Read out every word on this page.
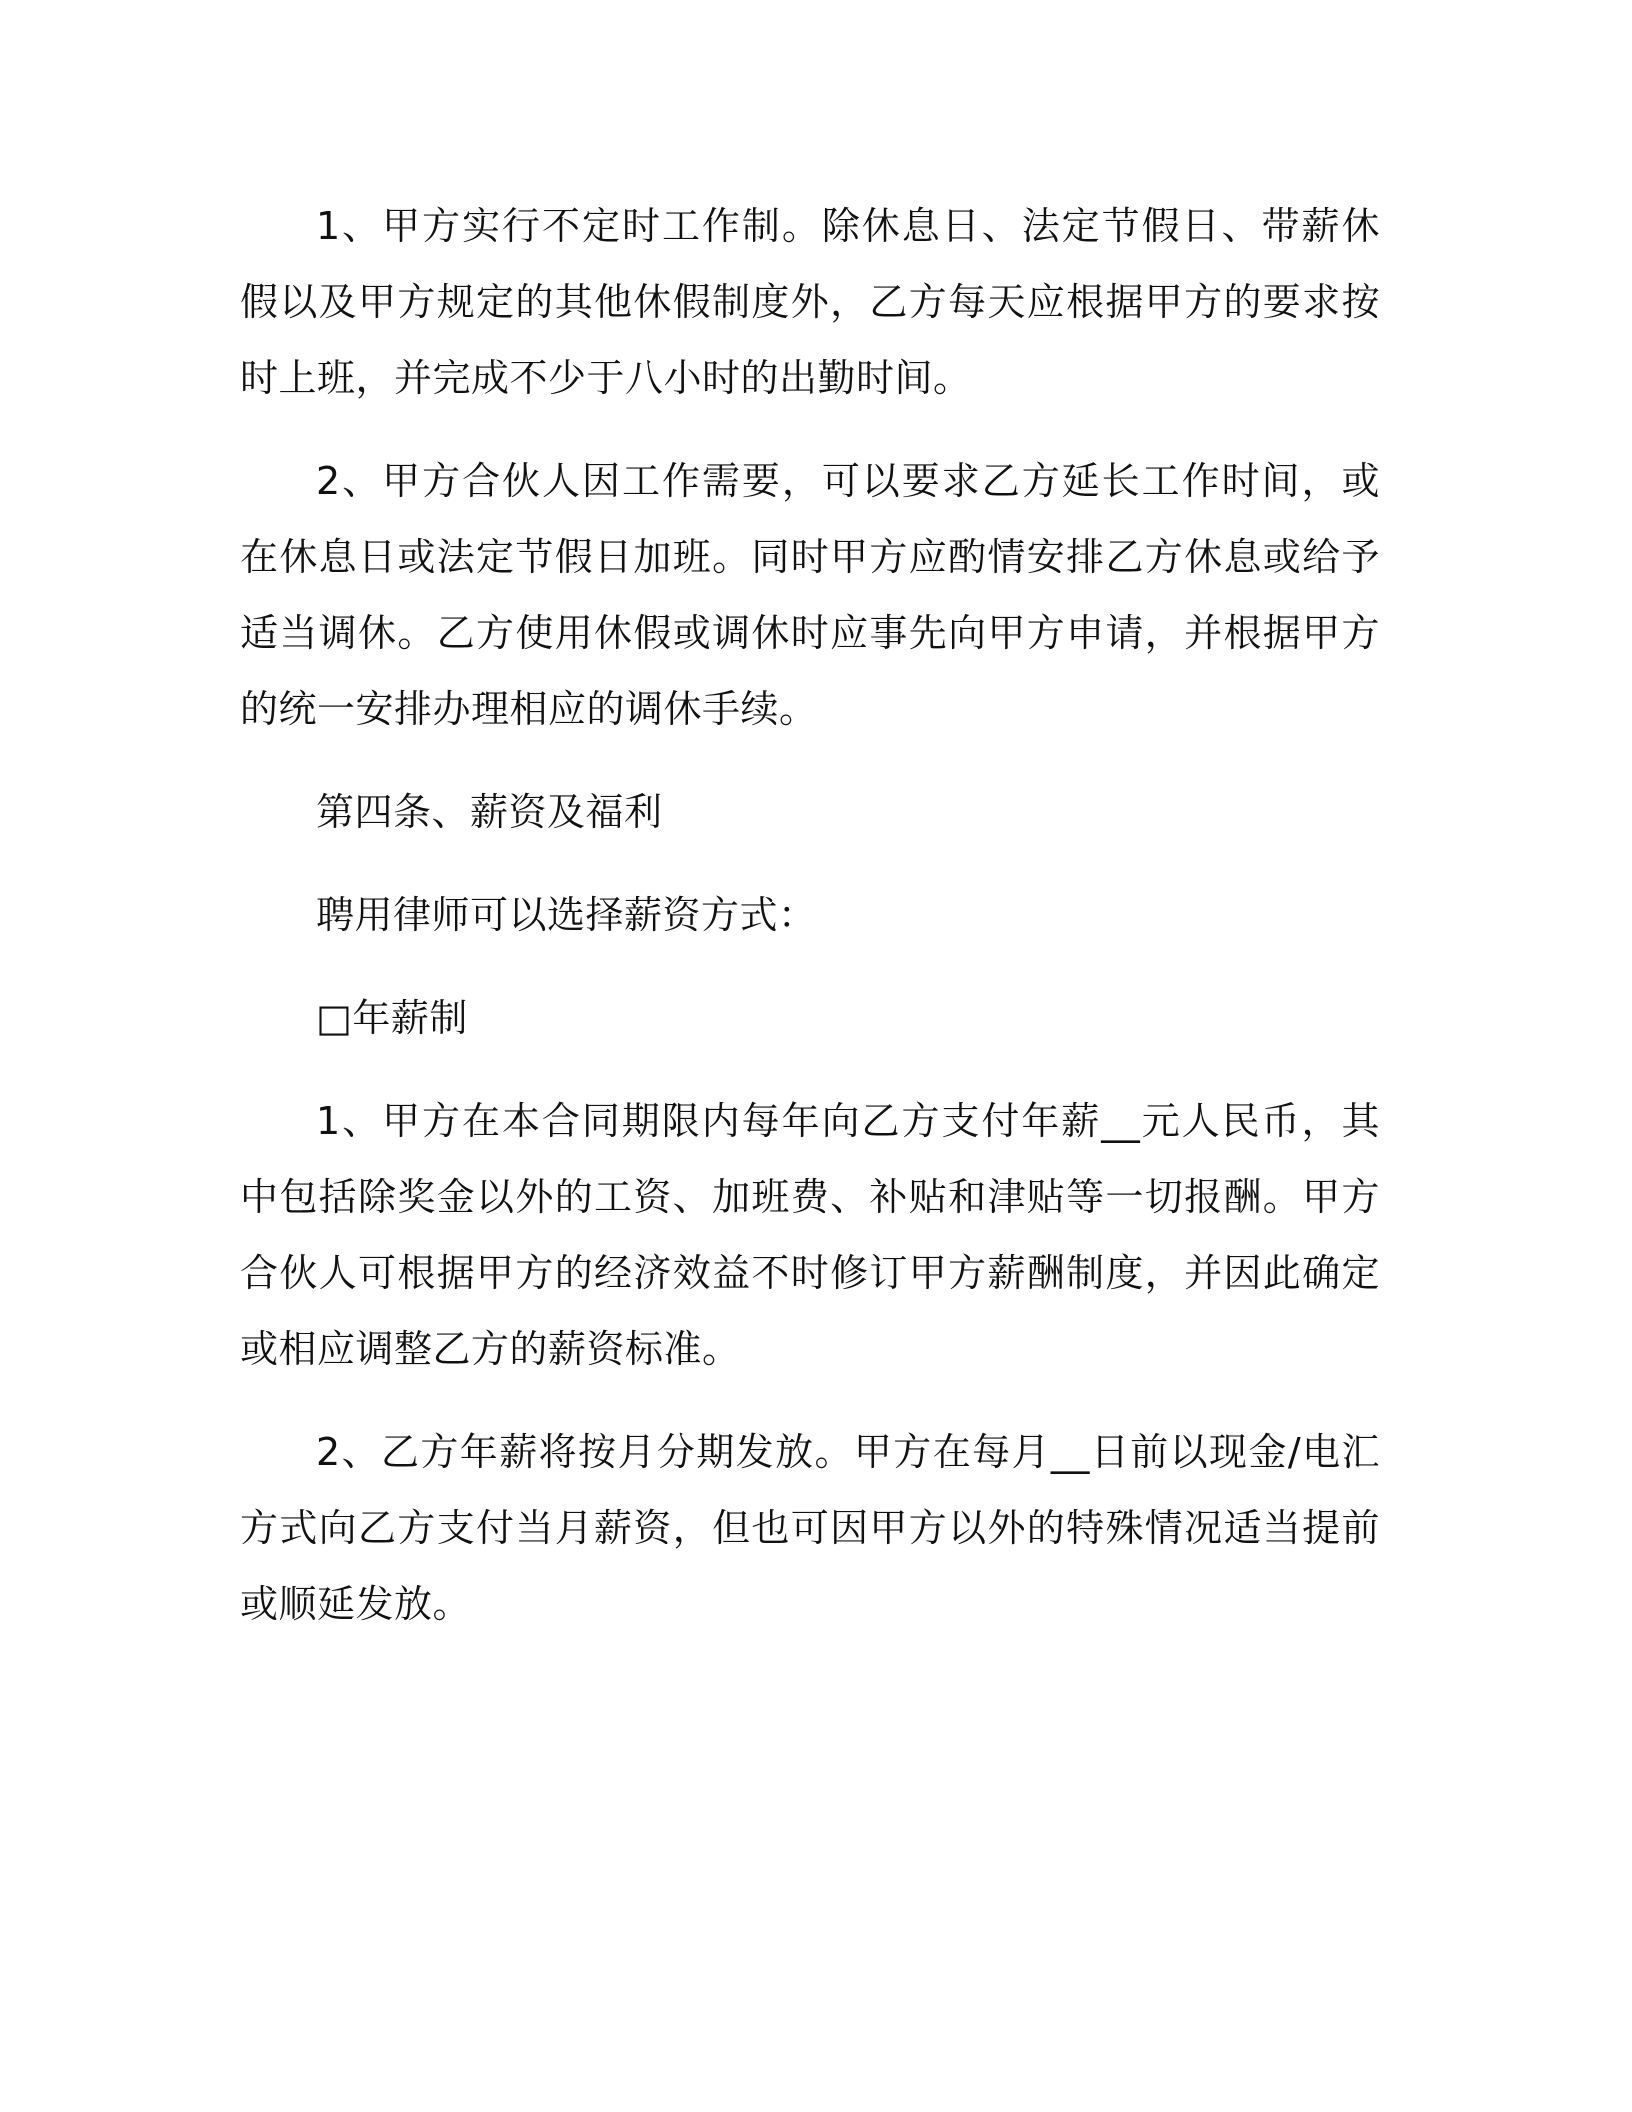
1、甲方实行不定时工作制。除休息日、法定节假日、带薪休假以及甲方规定的其他休假制度外，乙方每天应根据甲方的要求按时上班，并完成不少于八小时的出勤时间。

2、甲方合伙人因工作需要，可以要求乙方延长工作时间，或在休息日或法定节假日加班。同时甲方应酌情安排乙方休息或给予适当调休。乙方使用休假或调休时应事先向甲方申请，并根据甲方的统一安排办理相应的调休手续。

第四条、薪资及福利

聘用律师可以选择薪资方式：

□年薪制

1、甲方在本合同期限内每年向乙方支付年薪__元人民币，其中包括除奖金以外的工资、加班费、补贴和津贴等一切报酬。甲方合伙人可根据甲方的经济效益不时修订甲方薪酬制度，并因此确定或相应调整乙方的薪资标准。

2、乙方年薪将按月分期发放。甲方在每月__日前以现金/电汇方式向乙方支付当月薪资，但也可因甲方以外的特殊情况适当提前或顺延发放。
